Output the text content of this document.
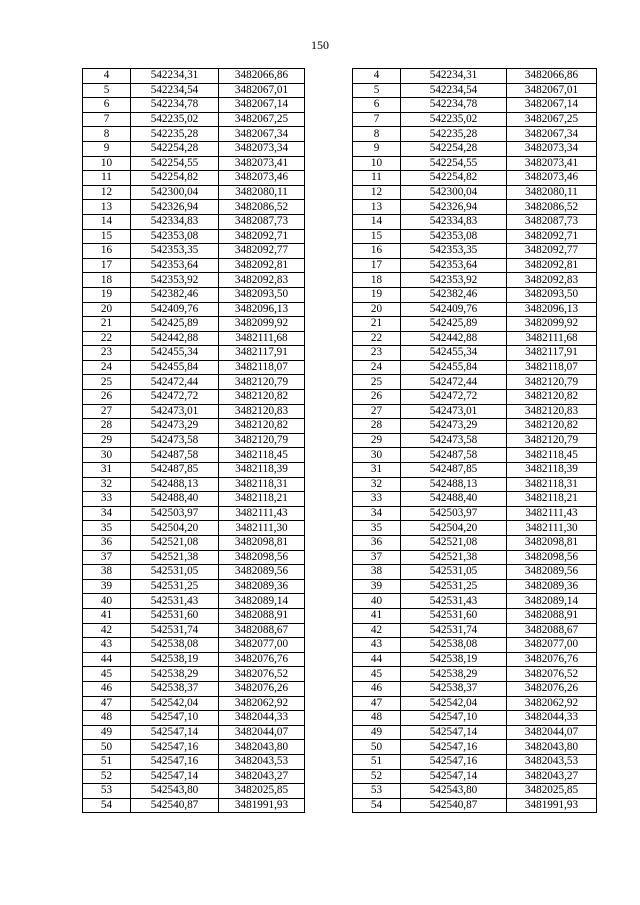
150
4	542234,31	3482066,86		4	542234,31	3482066,86
5	542234,54	3482067,01		5	542234,54	3482067,01
6	542234,78	3482067,14		6	542234,78	3482067,14
7	542235,02	3482067,25		7	542235,02	3482067,25
8	542235,28	3482067,34		8	542235,28	3482067,34
9	542254,28	3482073,34		9	542254,28	3482073,34
10	542254,55	3482073,41		10	542254,55	3482073,41
11	542254,82	3482073,46		11	542254,82	3482073,46
12	542300,04	3482080,11		12	542300,04	3482080,11
13	542326,94	3482086,52		13	542326,94	3482086,52
14	542334,83	3482087,73		14	542334,83	3482087,73
15	542353,08	3482092,71		15	542353,08	3482092,71
16	542353,35	3482092,77		16	542353,35	3482092,77
17	542353,64	3482092,81		17	542353,64	3482092,81
18	542353,92	3482092,83		18	542353,92	3482092,83
19	542382,46	3482093,50		19	542382,46	3482093,50
20	542409,76	3482096,13		20	542409,76	3482096,13
21	542425,89	3482099,92		21	542425,89	3482099,92
22	542442,88	3482111,68		22	542442,88	3482111,68
23	542455,34	3482117,91		23	542455,34	3482117,91
24	542455,84	3482118,07		24	542455,84	3482118,07
25	542472,44	3482120,79		25	542472,44	3482120,79
26	542472,72	3482120,82		26	542472,72	3482120,82
27	542473,01	3482120,83		27	542473,01	3482120,83
28	542473,29	3482120,82		28	542473,29	3482120,82
29	542473,58	3482120,79		29	542473,58	3482120,79
30	542487,58	3482118,45		30	542487,58	3482118,45
31	542487,85	3482118,39		31	542487,85	3482118,39
32	542488,13	3482118,31		32	542488,13	3482118,31
33	542488,40	3482118,21		33	542488,40	3482118,21
34	542503,97	3482111,43		34	542503,97	3482111,43
35	542504,20	3482111,30		35	542504,20	3482111,30
36	542521,08	3482098,81		36	542521,08	3482098,81
37	542521,38	3482098,56		37	542521,38	3482098,56
38	542531,05	3482089,56		38	542531,05	3482089,56
39	542531,25	3482089,36		39	542531,25	3482089,36
40	542531,43	3482089,14		40	542531,43	3482089,14
41	542531,60	3482088,91		41	542531,60	3482088,91
42	542531,74	3482088,67		42	542531,74	3482088,67
43	542538,08	3482077,00		43	542538,08	3482077,00
44	542538,19	3482076,76		44	542538,19	3482076,76
45	542538,29	3482076,52		45	542538,29	3482076,52
46	542538,37	3482076,26		46	542538,37	3482076,26
47	542542,04	3482062,92		47	542542,04	3482062,92
48	542547,10	3482044,33		48	542547,10	3482044,33
49	542547,14	3482044,07		49	542547,14	3482044,07
50	542547,16	3482043,80		50	542547,16	3482043,80
51	542547,16	3482043,53		51	542547,16	3482043,53
52	542547,14	3482043,27		52	542547,14	3482043,27
53	542543,80	3482025,85		53	542543,80	3482025,85
54	542540,87	3481991,93		54	542540,87	3481991,93
